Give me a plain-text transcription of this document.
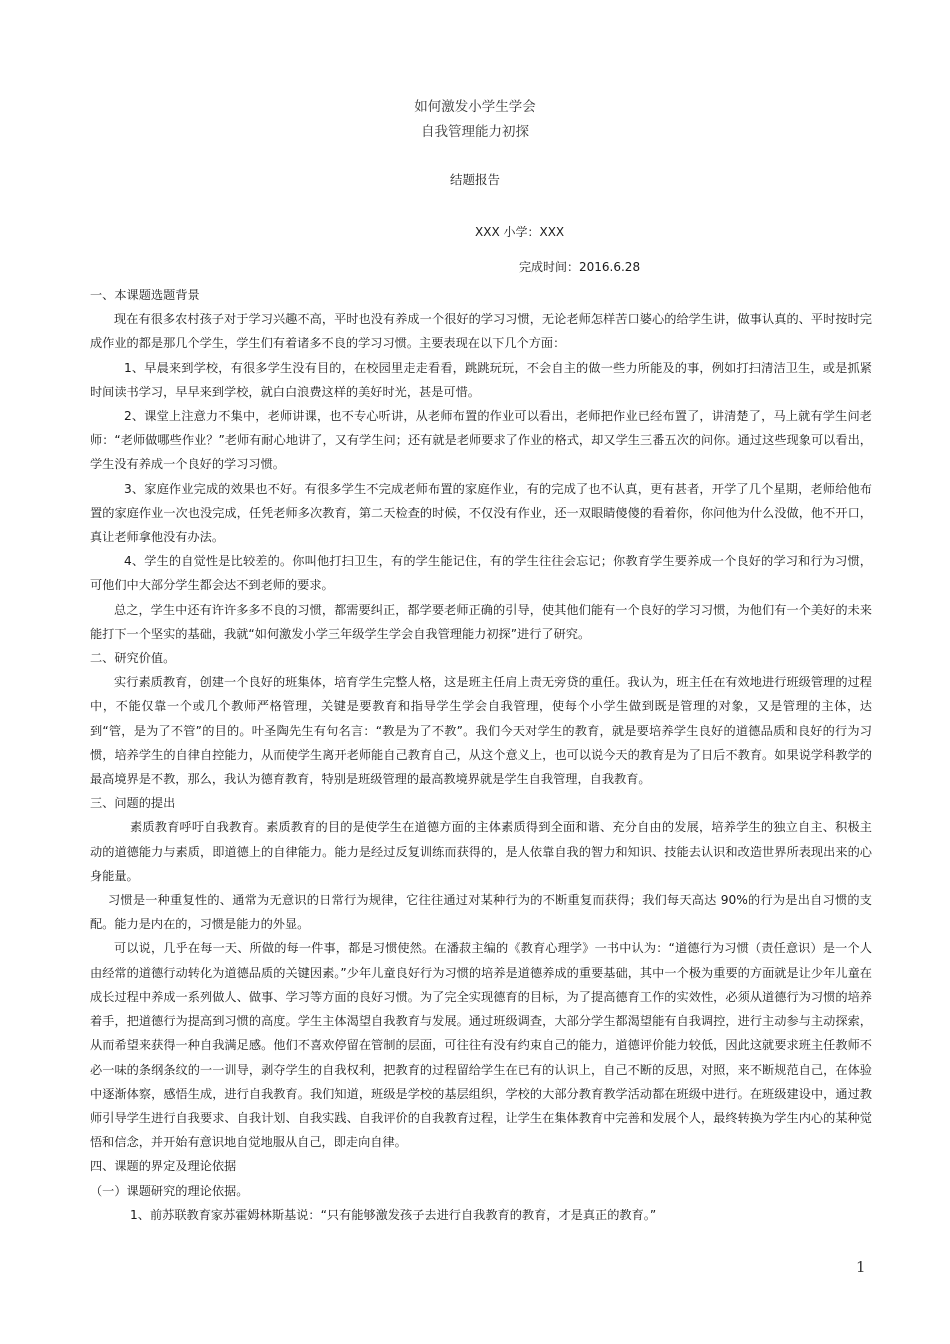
如何激发小学生学会
自我管理能力初探
结题报告
XXX 小学：XXX
完成时间：2016.6.28

一、本课题选题背景

现在有很多农村孩子对于学习兴趣不高，平时也没有养成一个很好的学习习惯，无论老师怎样苦口婆心的给学生讲，做事认真的、平时按时完成作业的都是那几个学生，学生们有着诸多不良的学习习惯。主要表现在以下几个方面：

1、早晨来到学校，有很多学生没有目的，在校园里走走看看，跳跳玩玩，不会自主的做一些力所能及的事，例如打扫清洁卫生，或是抓紧时间读书学习，早早来到学校，就白白浪费这样的美好时光，甚是可惜。

2、课堂上注意力不集中，老师讲课，也不专心听讲，从老师布置的作业可以看出，老师把作业已经布置了，讲清楚了，马上就有学生问老师：“老师做哪些作业？”老师有耐心地讲了，又有学生问；还有就是老师要求了作业的格式，却又学生三番五次的问你。通过这些现象可以看出，学生没有养成一个良好的学习习惯。

3、家庭作业完成的效果也不好。有很多学生不完成老师布置的家庭作业，有的完成了也不认真，更有甚者，开学了几个星期，老师给他布置的家庭作业一次也没完成，任凭老师多次教育，第二天检查的时候，不仅没有作业，还一双眼睛傻傻的看着你，你问他为什么没做，他不开口，真让老师拿他没有办法。

4、学生的自觉性是比较差的。你叫他打扫卫生，有的学生能记住，有的学生往往会忘记；你教育学生要养成一个良好的学习和行为习惯，可他们中大部分学生都会达不到老师的要求。

总之，学生中还有许许多多不良的习惯，都需要纠正，都学要老师正确的引导，使其他们能有一个良好的学习习惯，为他们有一个美好的未来能打下一个坚实的基础，我就“如何激发小学三年级学生学会自我管理能力初探”进行了研究。

二、研究价值。

实行素质教育，创建一个良好的班集体，培育学生完整人格，这是班主任肩上责无旁贷的重任。我认为，班主任在有效地进行班级管理的过程中，不能仅靠一个或几个教师严格管理，关键是要教育和指导学生学会自我管理，使每个小学生做到既是管理的对象，又是管理的主体，达到“管，是为了不管”的目的。叶圣陶先生有句名言：“教是为了不教”。我们今天对学生的教育，就是要培养学生良好的道德品质和良好的行为习惯，培养学生的自律自控能力，从而使学生离开老师能自己教育自己，从这个意义上，也可以说今天的教育是为了日后不教育。如果说学科教学的最高境界是不教，那么，我认为德育教育，特别是班级管理的最高教境界就是学生自我管理，自我教育。

三、问题的提出

素质教育呼吁自我教育。素质教育的目的是使学生在道德方面的主体素质得到全面和谐、充分自由的发展，培养学生的独立自主、积极主动的道德能力与素质，即道德上的自律能力。能力是经过反复训练而获得的，是人依靠自我的智力和知识、技能去认识和改造世界所表现出来的心身能量。

习惯是一种重复性的、通常为无意识的日常行为规律，它往往通过对某种行为的不断重复而获得；我们每天高达 90%的行为是出自习惯的支配。能力是内在的，习惯是能力的外显。

可以说，几乎在每一天、所做的每一件事，都是习惯使然。在潘菽主编的《教育心理学》一书中认为：“道德行为习惯（责任意识）是一个人由经常的道德行动转化为道德品质的关键因素。”少年儿童良好行为习惯的培养是道德养成的重要基础，其中一个极为重要的方面就是让少年儿童在成长过程中养成一系列做人、做事、学习等方面的良好习惯。为了完全实现德育的目标，为了提高德育工作的实效性，必须从道德行为习惯的培养着手，把道德行为提高到习惯的高度。学生主体渴望自我教育与发展。通过班级调查，大部分学生都渴望能有自我调控，进行主动参与主动探索，从而希望来获得一种自我满足感。他们不喜欢停留在管制的层面，可往往有没有约束自己的能力，道德评价能力较低，因此这就要求班主任教师不必一味的条纲条纹的一一训导，剥夺学生的自我权利，把教育的过程留给学生在已有的认识上，自己不断的反思，对照，来不断规范自己，在体验中逐渐体察，感悟生成，进行自我教育。我们知道，班级是学校的基层组织，学校的大部分教育教学活动都在班级中进行。在班级建设中，通过教师引导学生进行自我要求、自我计划、自我实践、自我评价的自我教育过程，让学生在集体教育中完善和发展个人，最终转换为学生内心的某种觉悟和信念，并开始有意识地自觉地服从自己，即走向自律。

四、课题的界定及理论依据

（一）课题研究的理论依据。

1、前苏联教育家苏霍姆林斯基说：“只有能够激发孩子去进行自我教育的教育，才是真正的教育。”

1
